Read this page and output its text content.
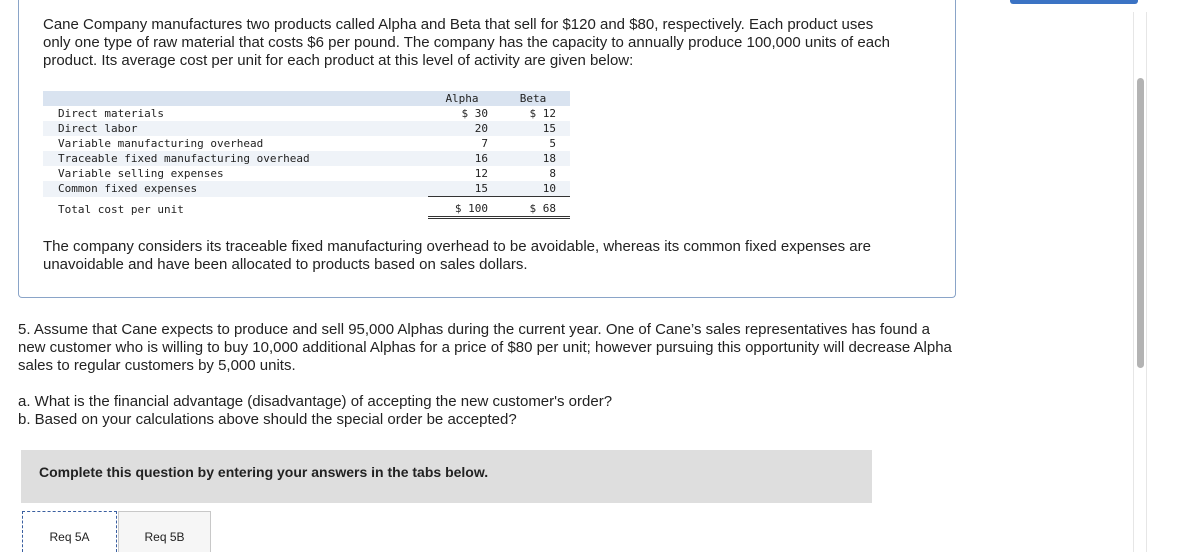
Cane Company manufactures two products called Alpha and Beta that sell for $120 and $80, respectively. Each product uses only one type of raw material that costs $6 per pound. The company has the capacity to annually produce 100,000 units of each product. Its average cost per unit for each product at this level of activity are given below:
	Alpha	Beta
Direct materials	$ 30	$ 12
Direct labor	20	15
Variable manufacturing overhead	7	5
Traceable fixed manufacturing overhead	16	18
Variable selling expenses	12	8
Common fixed expenses	15	10
Total cost per unit	$ 100	$ 68
The company considers its traceable fixed manufacturing overhead to be avoidable, whereas its common fixed expenses are unavoidable and have been allocated to products based on sales dollars.
5. Assume that Cane expects to produce and sell 95,000 Alphas during the current year. One of Cane’s sales representatives has found a new customer who is willing to buy 10,000 additional Alphas for a price of $80 per unit; however pursuing this opportunity will decrease Alpha sales to regular customers by 5,000 units.
a. What is the financial advantage (disadvantage) of accepting the new customer's order?
b. Based on your calculations above should the special order be accepted?
Complete this question by entering your answers in the tabs below.
Req 5A	Req 5B
